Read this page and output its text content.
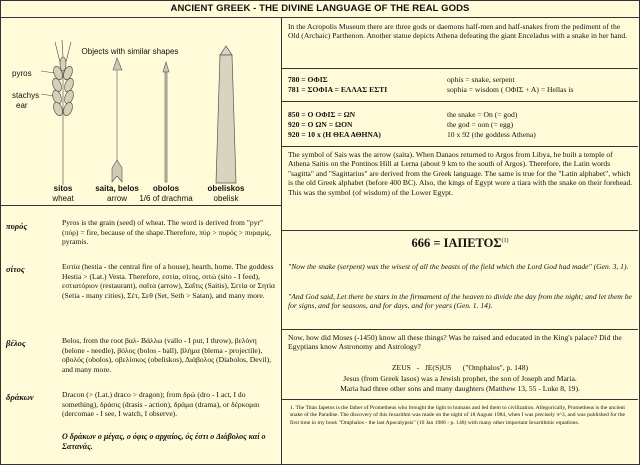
ANCIENT GREEK - THE DIVINE LANGUAGE OF THE REAL GODS
Objects with similar shapes
pyros
stachys
ear
sitos
wheat
saita, belos
arrow
obolos
1/6 of drachma
obeliskos
obelisk
πυρός	Pyros is the grain (seed) of wheat. The word is derived from "pyr" (πύρ) = fire, because of the shape.Therefore, πύρ > πυρός > πυραμίς, pyramis.
σίτος	Εστία (hestia - the central fire of a house), hearth, home. The goddess Hestia > (Lat.) Vesta. Therefore, εστία, σίτος, σιτώ (sito - I feed), εστιατόριον (restaurant), σαΐτα (arrow), Σαΐτις (Saitis), Σετία or Σητία (Setia - many cities), Σέτ, Σεθ (Set, Seth > Satan), and many more.
βέλος	Belos, from the root βαλ- Βάλλω (vallo - I put, I throw), βελόνη (belone - needle), βόλος (bolos - ball), βλήμα (blema - projectile), οβολός (obolos), οβελίσκος (obeliskos), Διάβολος (Diabolos, Devil), and many more.
δράκων	Dracon (> (Lat.) draco > dragon); from δρώ (dro - I act, I do something), δράσις (drasis - action), δράμα (drama), or δέρκομαι (dercomae - I see, I watch, I observe).
Ο δράκων ο μέγας, ο όφις ο αρχαίος, ός έστι ο Διάβολος καί ο Σατανάς.
In the Acropolis Museum there are three gods or daemons half-men and half-snakes from the pediment of the Old (Archaic) Parthenon. Another statue depicts Athena defeating the giant Enceladus with a snake in her hand.
780 = ΟΦΙΣ	ophis = snake, serpent
781 = ΣΟΦΙΑ = ΕΛΛΑΣ ΕΣΤΙ	sophia = wisdom ( ΟΦΙΣ + Α) = Hellas is
850 = Ο ΟΦΙΣ = ΩΝ	the snake = On (= god)
920 = Ο ΩΝ = ΩΟΝ	the god = oon (= egg)
920 = 10 x (Η ΘΕΑ ΑΘΗΝΑ)	10 x 92 (the goddess Athena)
The symbol of Sais was the arrow (saita). When Danaos returned to Argos from Libya, he built a temple of Athena Saitis on the Pontinos Hill at Lerna (about 9 km to the south of Argos). Therefore, the Latin words "sagitta" and "Sagittarius" are derived from the Greek language. The same is true for the "Latin alphabet", which is the old Greek alphabet (before 400 BC). Also, the kings of Egypt wore a tiara with the snake on their forehead. This was the symbol (of wisdom) of the Lower Egypt.
$666 = IA\Pi ETO\Sigma^{(1)}$
"Now the snake (serpent) was the wisest of all the beasts of the field which the Lord God had made" (Gen. 3, 1).
"And God said, Let there be stars in the firmament of the heaven to divide the day from the night; and let them be for signs, and for seasons, and for days, and for years (Gen. 1. 14).
Now, how did Moses (-1450) know all these things? Was he raised and educated in the King's palace? Did the Egyptians know Astronomy and Astrology?
ZEUS   -   JE(S)US      ("Omphalos", p. 148)
Jesus (from Greek Iasos) was a Jewish prophet, the son of Joseph and Maria.
Maria had three other sons and many daughters (Matthew 13, 55 - Luke 8, 19).
1. The Titan Iapetos is the father of Prometheus who brought the light to humans and led them to civilization. Allegorically, Prometheus is the ancient snake of the Paradise. The discovery of this Iexarithm was made on the night of 18 August 1984, when I was precisely π^3, and was published for the first time in my book "Omphalos - the last Apocalypsis" (10 Jan 1986 - p. 148) with many other important Iexarithmic equations.
